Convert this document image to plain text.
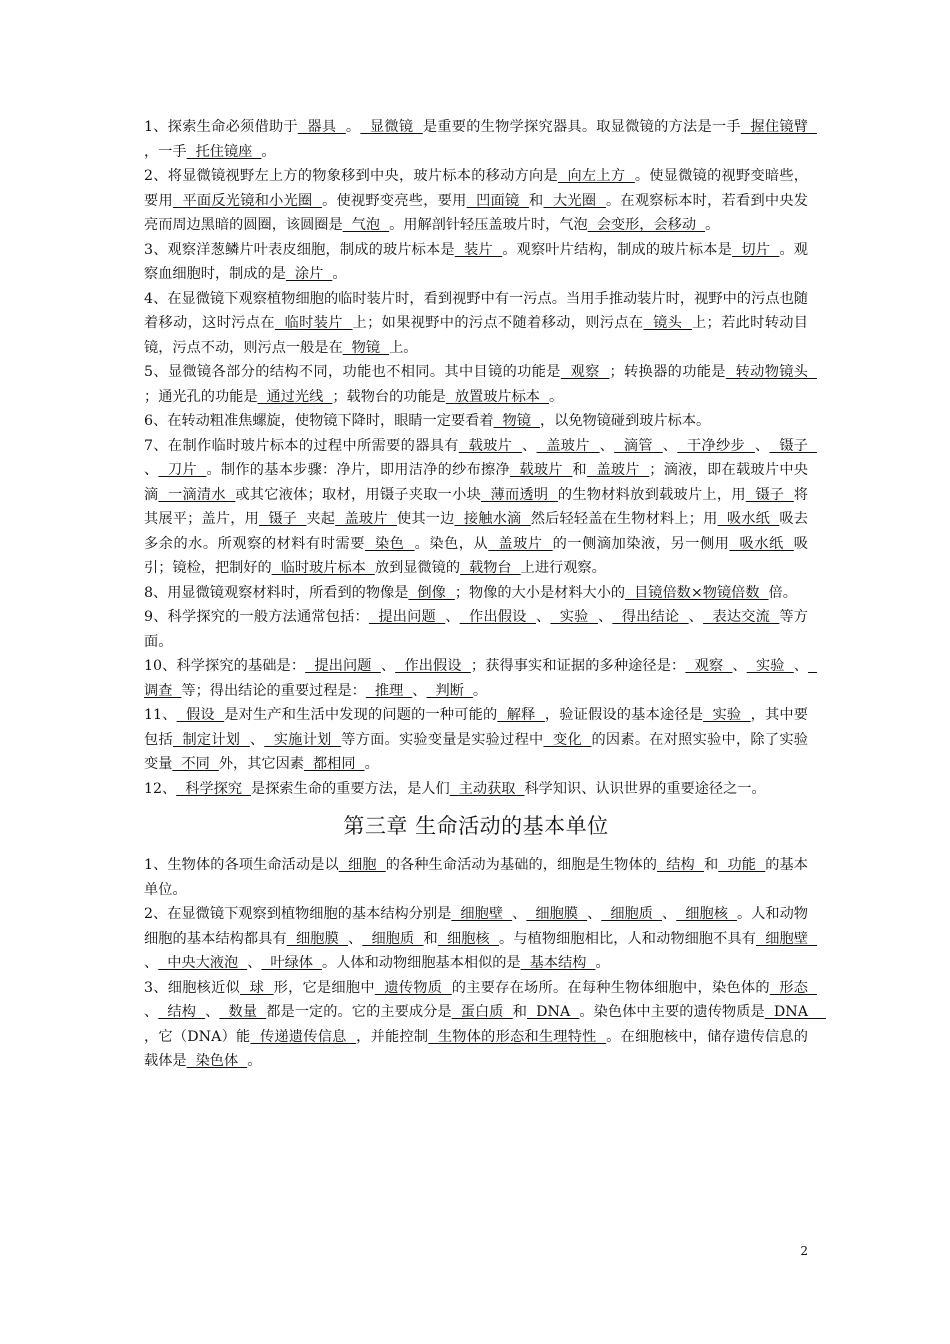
1、探索生命必须借助于  器具  。  显微镜  是重要的生物学探究器具。取显微镜的方法是一手  握住镜臂  ，一手  托住镜座  。

2、将显微镜视野左上方的物象移到中央，玻片标本的移动方向是  向左上方  。使显微镜的视野变暗些，要用  平面反光镜和小光圈  。使视野变亮些，要用  凹面镜  和  大光圈  。在观察标本时，若看到中央发亮而周边黑暗的圆圈，该圆圈是  气泡  。用解剖针轻压盖玻片时，气泡  会变形，会移动  。

3、观察洋葱鳞片叶表皮细胞，制成的玻片标本是  装片  。观察叶片结构，制成的玻片标本是  切片  。观察血细胞时，制成的是  涂片  。

4、在显微镜下观察植物细胞的临时装片时，看到视野中有一污点。当用手推动装片时，视野中的污点也随着移动，这时污点在  临时装片  上；如果视野中的污点不随着移动，则污点在  镜头  上；若此时转动目镜，污点不动，则污点一般是在  物镜  上。

5、显微镜各部分的结构不同，功能也不相同。其中目镜的功能是  观察  ；转换器的功能是  转动物镜头  ；通光孔的功能是  通过光线  ；载物台的功能是  放置玻片标本  。

6、在转动粗准焦螺旋，使物镜下降时，眼睛一定要看着  物镜  ，以免物镜碰到玻片标本。

7、在制作临时玻片标本的过程中所需要的器具有  载玻片  、  盖玻片  、  滴管  、  干净纱步  、  镊子  、  刀片  。制作的基本步骤：净片，即用洁净的纱布擦净  载玻片  和  盖玻片  ；滴液，即在载玻片中央滴  一滴清水  或其它液体；取材，用镊子夹取一小块  薄而透明  的生物材料放到载玻片上，用  镊子  将其展平；盖片，用  镊子  夹起  盖玻片  使其一边  接触水滴  然后轻轻盖在生物材料上；用  吸水纸  吸去多余的水。所观察的材料有时需要  染色  。染色，从  盖玻片  的一侧滴加染液，另一侧用  吸水纸  吸引；镜检，把制好的  临时玻片标本  放到显微镜的  载物台  上进行观察。

8、用显微镜观察材料时，所看到的物像是  倒像  ；物像的大小是材料大小的  目镜倍数×物镜倍数  倍。

9、科学探究的一般方法通常包括：  提出问题  、  作出假设  、  实验  、  得出结论  、  表达交流  等方面。

10、科学探究的基础是：  提出问题  、  作出假设  ；获得事实和证据的多种途径是：  观察  、  实验  、  调查  等；得出结论的重要过程是：  推理  、  判断  。

11、  假设  是对生产和生活中发现的问题的一种可能的  解释  ，验证假设的基本途径是  实验  ，其中要包括  制定计划  、  实施计划  等方面。实验变量是实验过程中  变化  的因素。在对照实验中，除了实验变量  不同  外，其它因素  都相同  。

12、  科学探究  是探索生命的重要方法，是人们  主动获取  科学知识、认识世界的重要途径之一。

第三章 生命活动的基本单位

1、生物体的各项生命活动是以  细胞  的各种生命活动为基础的，细胞是生物体的  结构  和  功能  的基本单位。

2、在显微镜下观察到植物细胞的基本结构分别是  细胞壁  、  细胞膜  、  细胞质  、  细胞核  。人和动物细胞的基本结构都具有  细胞膜  、  细胞质  和  细胞核  。与植物细胞相比，人和动物细胞不具有  细胞壁  、  中央大液泡  、  叶绿体  。人体和动物细胞基本相似的是  基本结构  。

3、细胞核近似  球  形，它是细胞中  遗传物质  的主要存在场所。在每种生物体细胞中，染色体的  形态  、  结构  、  数量  都是一定的。它的主要成分是  蛋白质  和  DNA  。染色体中主要的遗传物质是  DNA    ，它（DNA）能  传递遗传信息  ，并能控制  生物体的形态和生理特性  。在细胞核中，储存遗传信息的载体是  染色体  。

2
